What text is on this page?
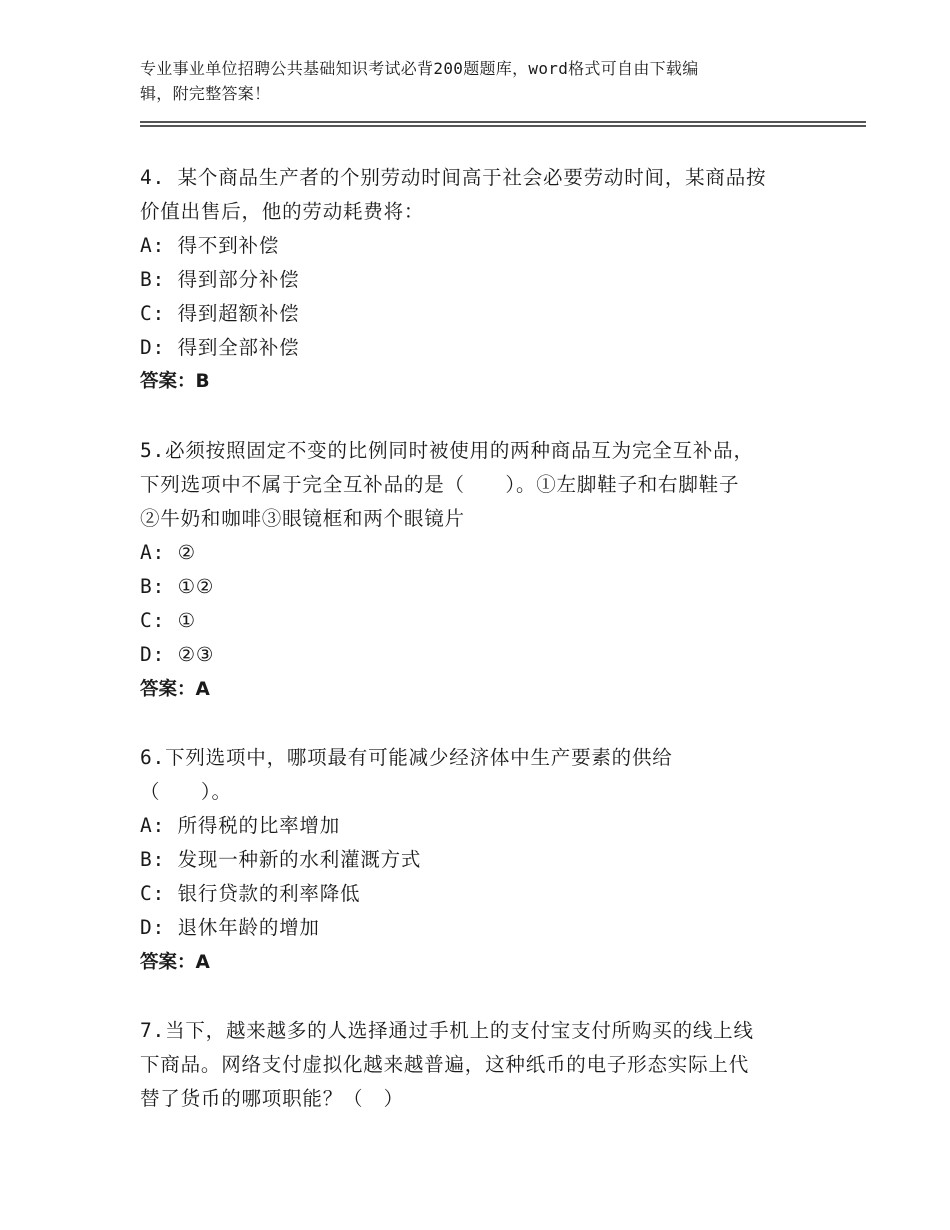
专业事业单位招聘公共基础知识考试必背200题题库，word格式可自由下载编
辑，附完整答案！
4. 某个商品生产者的个别劳动时间高于社会必要劳动时间，某商品按
价值出售后，他的劳动耗费将：
A: 得不到补偿
B: 得到部分补偿
C: 得到超额补偿
D: 得到全部补偿
答案：B
5.必须按照固定不变的比例同时被使用的两种商品互为完全互补品，
下列选项中不属于完全互补品的是（　　）。①左脚鞋子和右脚鞋子
②牛奶和咖啡③眼镜框和两个眼镜片
A: ②
B: ①②
C: ①
D: ②③
答案：A
6.下列选项中，哪项最有可能减少经济体中生产要素的供给
（　　）。
A: 所得税的比率增加
B: 发现一种新的水利灌溉方式
C: 银行贷款的利率降低
D: 退休年龄的增加
答案：A
7.当下，越来越多的人选择通过手机上的支付宝支付所购买的线上线
下商品。网络支付虚拟化越来越普遍，这种纸币的电子形态实际上代
替了货币的哪项职能？（　）
